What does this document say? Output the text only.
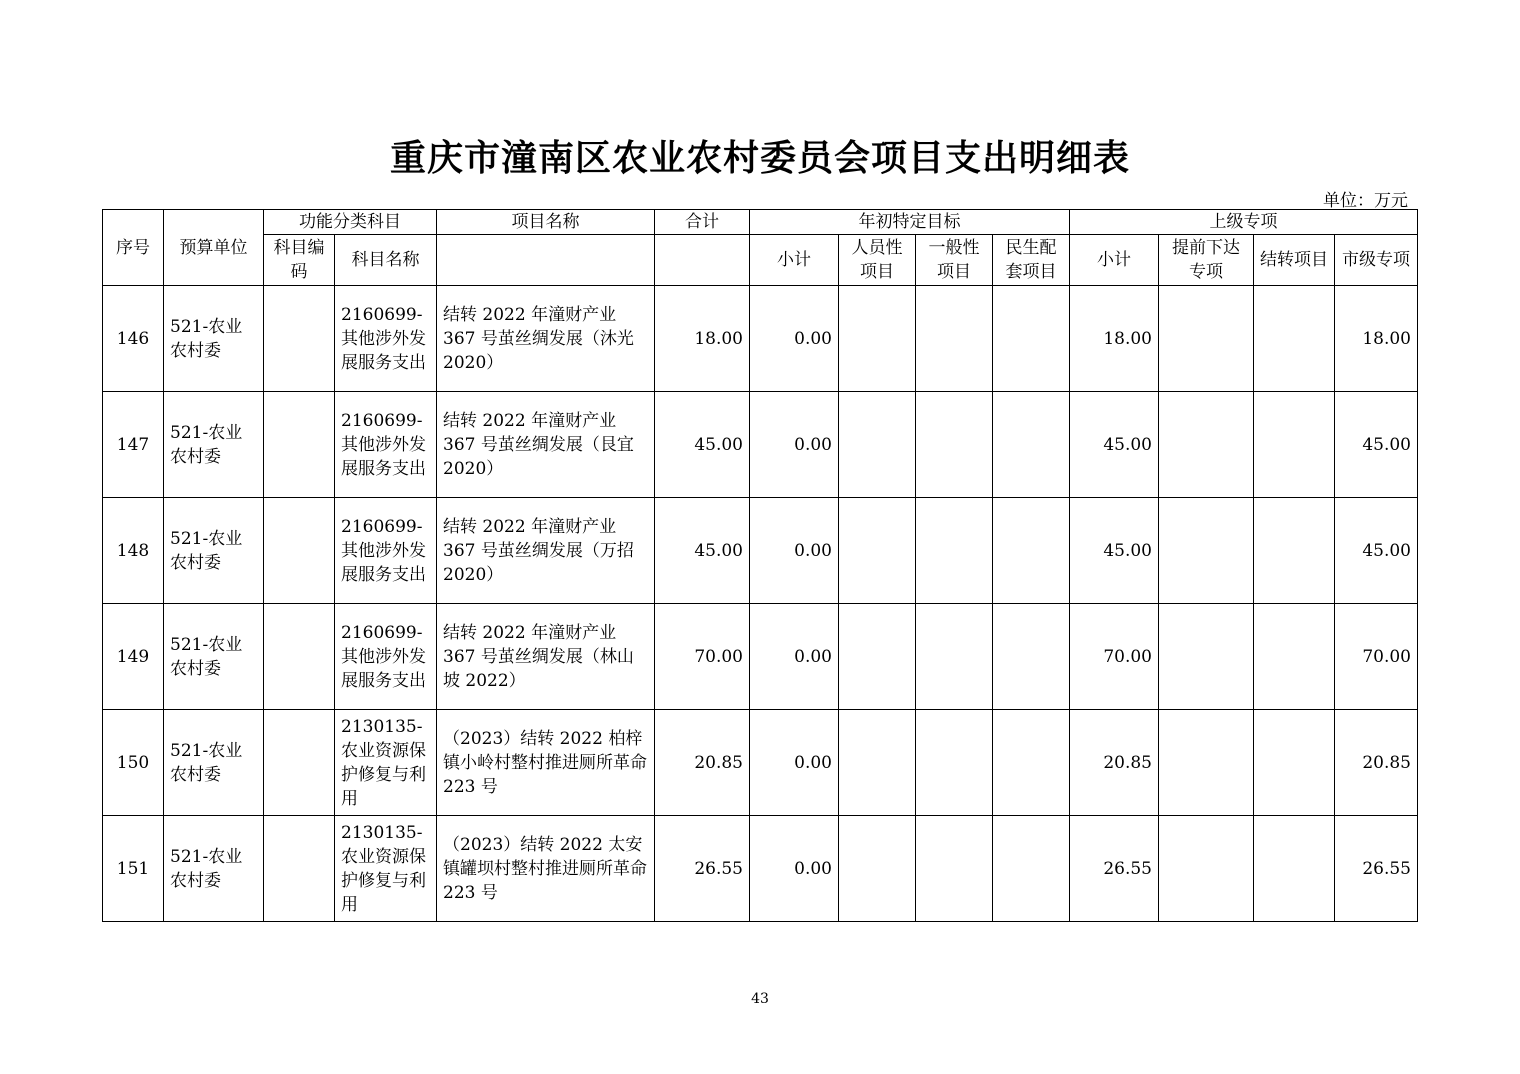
重庆市潼南区农业农村委员会项目支出明细表
单位：万元
序号	预算单位	功能分类科目		项目名称	合计	年初特定目标				上级专项			
		科目编码	科目名称			小计	人员性项目	一般性项目	民生配套项目	小计	提前下达专项	结转项目	市级专项
146	521-农业农村委		2160699-其他涉外发展服务支出	结转 2022 年潼财产业 367 号茧丝绸发展（沐光 2020）	18.00	0.00				18.00			18.00
147	521-农业农村委		2160699-其他涉外发展服务支出	结转 2022 年潼财产业 367 号茧丝绸发展（艮宜 2020）	45.00	0.00				45.00			45.00
148	521-农业农村委		2160699-其他涉外发展服务支出	结转 2022 年潼财产业 367 号茧丝绸发展（万招 2020）	45.00	0.00				45.00			45.00
149	521-农业农村委		2160699-其他涉外发展服务支出	结转 2022 年潼财产业 367 号茧丝绸发展（林山坡 2022）	70.00	0.00				70.00			70.00
150	521-农业农村委		2130135-农业资源保护修复与利用	（2023）结转 2022 柏梓镇小岭村整村推进厕所革命 223 号	20.85	0.00				20.85			20.85
151	521-农业农村委		2130135-农业资源保护修复与利用	（2023）结转 2022 太安镇罐坝村整村推进厕所革命 223 号	26.55	0.00				26.55			26.55
43
